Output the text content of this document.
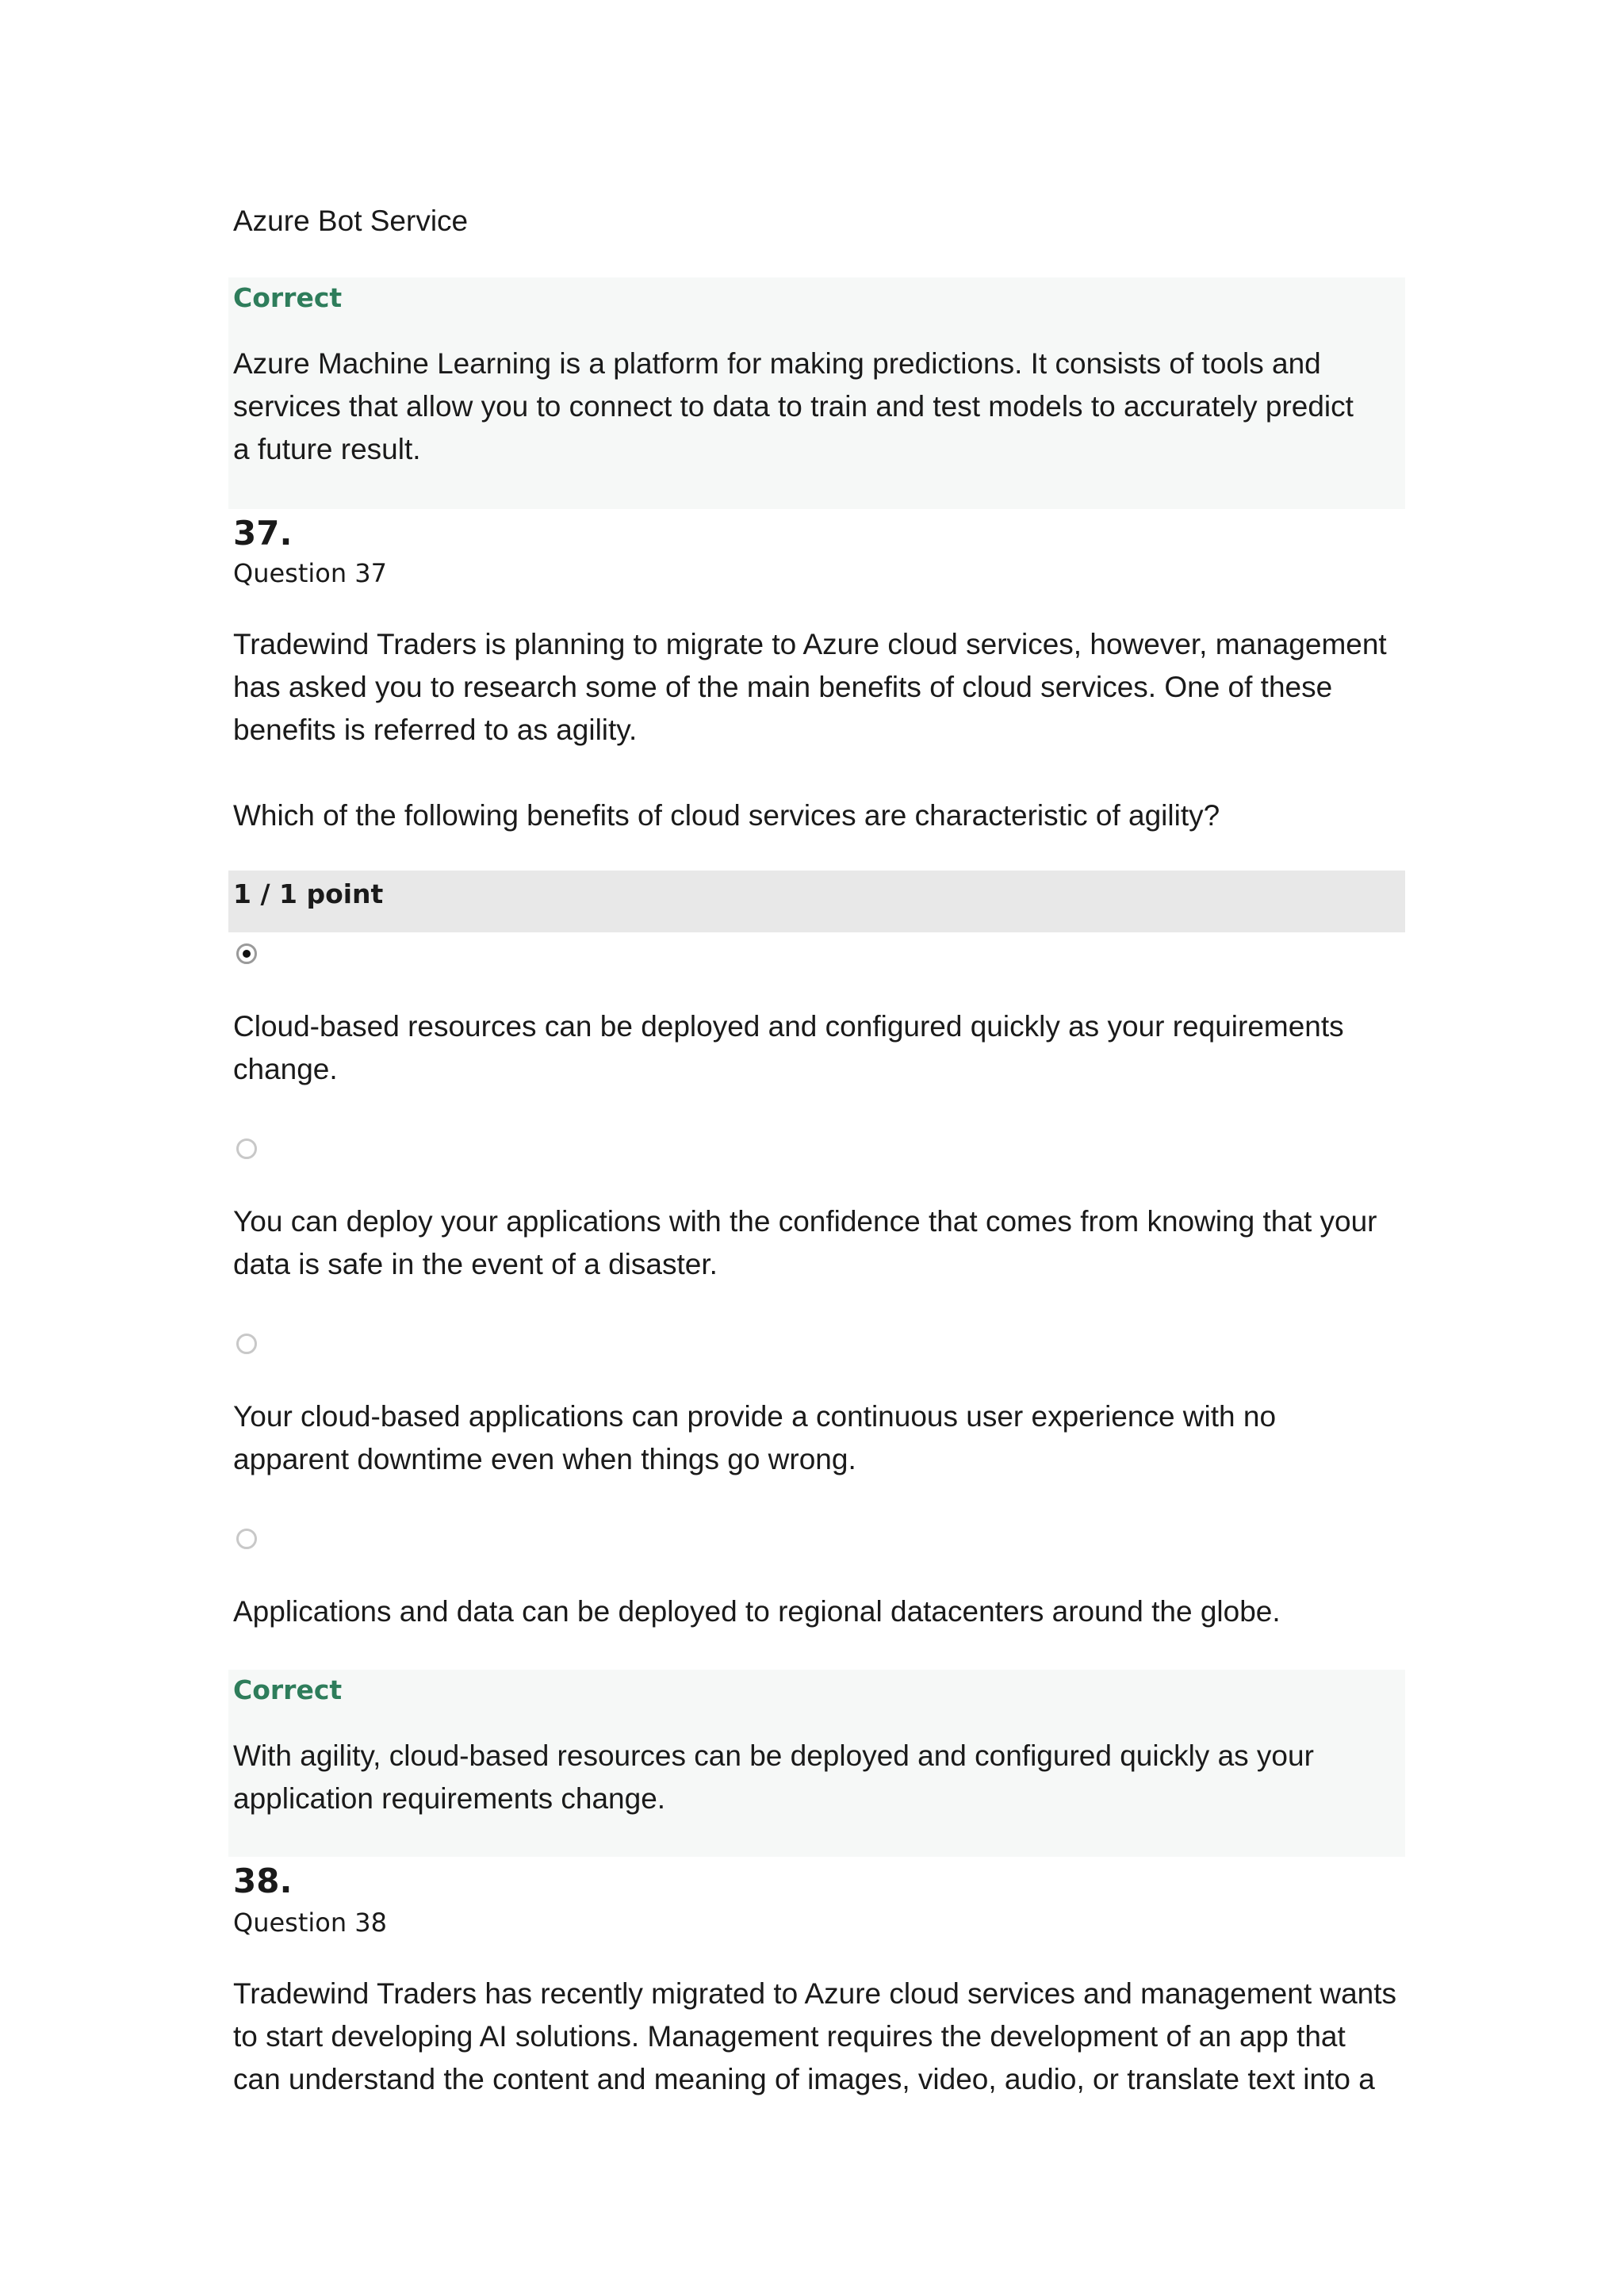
Azure Bot Service

Correct

Azure Machine Learning is a platform for making predictions. It consists of tools and services that allow you to connect to data to train and test models to accurately predict a future result.

37.
Question 37

Tradewind Traders is planning to migrate to Azure cloud services, however, management has asked you to research some of the main benefits of cloud services. One of these benefits is referred to as agility.

Which of the following benefits of cloud services are characteristic of agility?

1 / 1 point

Cloud-based resources can be deployed and configured quickly as your requirements change.

You can deploy your applications with the confidence that comes from knowing that your data is safe in the event of a disaster.

Your cloud-based applications can provide a continuous user experience with no apparent downtime even when things go wrong.

Applications and data can be deployed to regional datacenters around the globe.

Correct

With agility, cloud-based resources can be deployed and configured quickly as your application requirements change.

38.
Question 38

Tradewind Traders has recently migrated to Azure cloud services and management wants to start developing AI solutions. Management requires the development of an app that can understand the content and meaning of images, video, audio, or translate text into a
